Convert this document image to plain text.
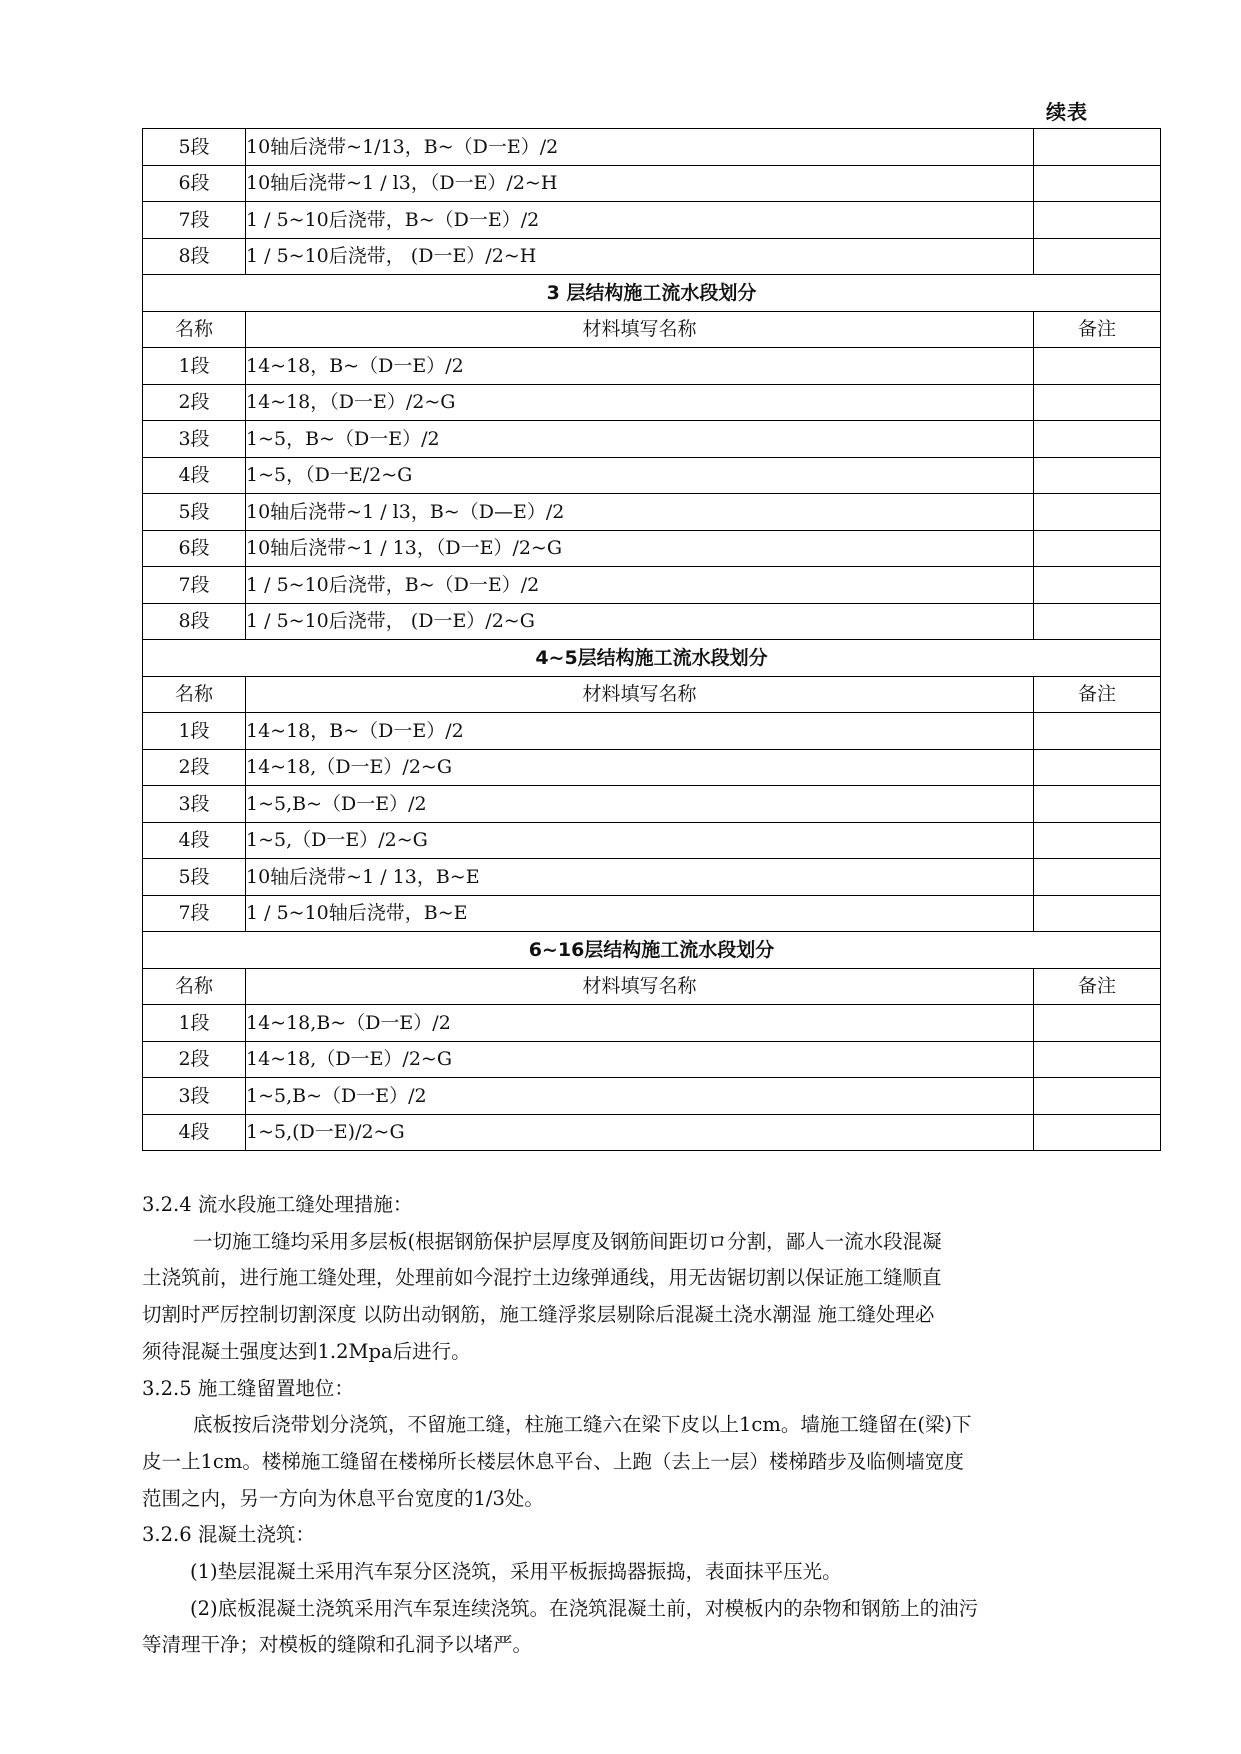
续表
5段	10轴后浇带~1/13，B~（D一E）/2	
6段	10轴后浇带~1 / l3，（D一E）/2~H	
7段	1 / 5~10后浇带，B~（D一E）/2	
8段	1 / 5~10后浇带， (D一E）/2~H	
3 层结构施工流水段划分		
名称	材料填写名称	备注
1段	14~18，B~（D一E）/2	
2段	14~18，（D一E）/2~G	
3段	1~5，B~（D一E）/2	
4段	1~5，（D一E/2~G	
5段	10轴后浇带~1 / l3，B~（D—E）/2	
6段	10轴后浇带~1 / 13，（D一E）/2~G	
7段	1 / 5~10后浇带，B~（D一E）/2	
8段	1 / 5~10后浇带， (D一E）/2~G	
4~5层结构施工流水段划分		
名称	材料填写名称	备注
1段	14~18，B~（D一E）/2	
2段	14~18,（D一E）/2~G	
3段	1~5,B~（D一E）/2	
4段	1~5,（D一E）/2~G	
5段	10轴后浇带~1 / 13，B~E	
7段	1 / 5~10轴后浇带，B~E	
6~16层结构施工流水段划分		
名称	材料填写名称	备注
1段	14~18,B~（D一E）/2	
2段	14~18,（D一E）/2~G	
3段	1~5,B~（D一E）/2	
4段	1~5,(D一E)/2~G	

3.2.4 流水段施工缝处理措施：

一切施工缝均采用多层板(根据钢筋保护层厚度及钢筋间距切ロ分割，鄙人一流水段混凝

土浇筑前，进行施工缝处理，处理前如今混拧土边缘弹通线，用无齿锯切割以保证施工缝顺直

切割时严厉控制切割深度 以防出动钢筋，施工缝浮浆层剔除后混凝土浇水潮湿 施工缝处理必

须待混凝土强度达到1.2Mpa后进行。

3.2.5 施工缝留置地位：

底板按后浇带划分浇筑，不留施工缝，柱施工缝六在梁下皮以上1cm。墙施工缝留在(梁)下

皮一上1cm。楼梯施工缝留在楼梯所长楼层休息平台、上跑（去上一层）楼梯踏步及临侧墙宽度

范围之内，另一方向为休息平台宽度的1/3处。

3.2.6 混凝土浇筑：

(1)垫层混凝土采用汽车泵分区浇筑，采用平板振捣器振捣，表面抹平压光。

(2)底板混凝土浇筑采用汽车泵连续浇筑。在浇筑混凝土前，对模板内的杂物和钢筋上的油污

等清理干净；对模板的缝隙和孔洞予以堵严。
